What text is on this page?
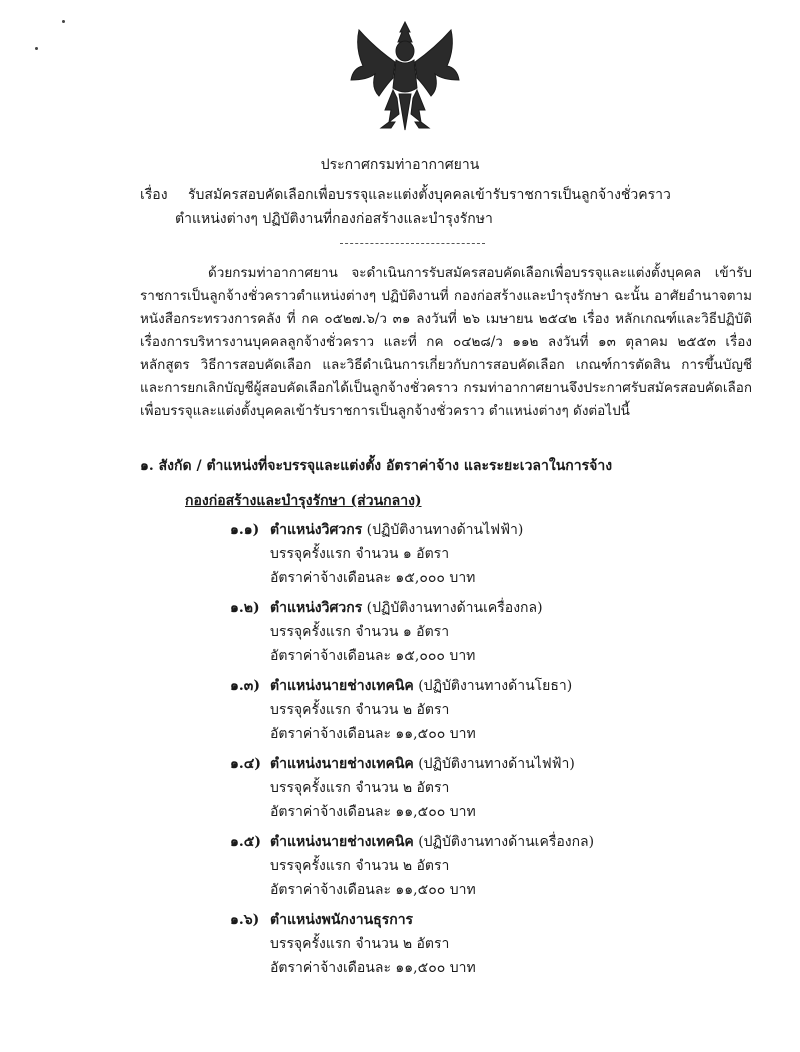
ประกาศกรมท่าอากาศยาน
เรื่อง รับสมัครสอบคัดเลือกเพื่อบรรจุและแต่งตั้งบุคคลเข้ารับราชการเป็นลูกจ้างชั่วคราว
ตำแหน่งต่างๆ ปฏิบัติงานที่กองก่อสร้างและบำรุงรักษา

ด้วยกรมท่าอากาศยาน จะดำเนินการรับสมัครสอบคัดเลือกเพื่อบรรจุและแต่งตั้งบุคคล เข้ารับราชการเป็นลูกจ้างชั่วคราวตำแหน่งต่างๆ ปฏิบัติงานที่ กองก่อสร้างและบำรุงรักษา ฉะนั้น อาศัยอำนาจตามหนังสือกระทรวงการคลัง ที่ กค ๐๕๒๗.๖/ว ๓๑ ลงวันที่ ๒๖ เมษายน ๒๕๔๒ เรื่อง หลักเกณฑ์และวิธีปฏิบัติเรื่องการบริหารงานบุคคลลูกจ้างชั่วคราว และที่ กค ๐๔๒๘/ว ๑๑๒ ลงวันที่ ๑๓ ตุลาคม ๒๕๕๓ เรื่อง หลักสูตร วิธีการสอบคัดเลือก และวิธีดำเนินการเกี่ยวกับการสอบคัดเลือก เกณฑ์การตัดสิน การขึ้นบัญชี และการยกเลิกบัญชีผู้สอบคัดเลือกได้เป็นลูกจ้างชั่วคราว กรมท่าอากาศยานจึงประกาศรับสมัครสอบคัดเลือกเพื่อบรรจุและแต่งตั้งบุคคลเข้ารับราชการเป็นลูกจ้างชั่วคราว ตำแหน่งต่างๆ ดังต่อไปนี้

๑. สังกัด / ตำแหน่งที่จะบรรจุและแต่งตั้ง อัตราค่าจ้าง และระยะเวลาในการจ้าง
กองก่อสร้างและบำรุงรักษา (ส่วนกลาง)
๑.๑) ตำแหน่งวิศวกร (ปฏิบัติงานทางด้านไฟฟ้า)
บรรจุครั้งแรก จำนวน ๑ อัตรา
อัตราค่าจ้างเดือนละ ๑๕,๐๐๐ บาท
๑.๒) ตำแหน่งวิศวกร (ปฏิบัติงานทางด้านเครื่องกล)
บรรจุครั้งแรก จำนวน ๑ อัตรา
อัตราค่าจ้างเดือนละ ๑๕,๐๐๐ บาท
๑.๓) ตำแหน่งนายช่างเทคนิค (ปฏิบัติงานทางด้านโยธา)
บรรจุครั้งแรก จำนวน ๒ อัตรา
อัตราค่าจ้างเดือนละ ๑๑,๕๐๐ บาท
๑.๔) ตำแหน่งนายช่างเทคนิค (ปฏิบัติงานทางด้านไฟฟ้า)
บรรจุครั้งแรก จำนวน ๒ อัตรา
อัตราค่าจ้างเดือนละ ๑๑,๕๐๐ บาท
๑.๕) ตำแหน่งนายช่างเทคนิค (ปฏิบัติงานทางด้านเครื่องกล)
บรรจุครั้งแรก จำนวน ๒ อัตรา
อัตราค่าจ้างเดือนละ ๑๑,๕๐๐ บาท
๑.๖) ตำแหน่งพนักงานธุรการ
บรรจุครั้งแรก จำนวน ๒ อัตรา
อัตราค่าจ้างเดือนละ ๑๑,๕๐๐ บาท
